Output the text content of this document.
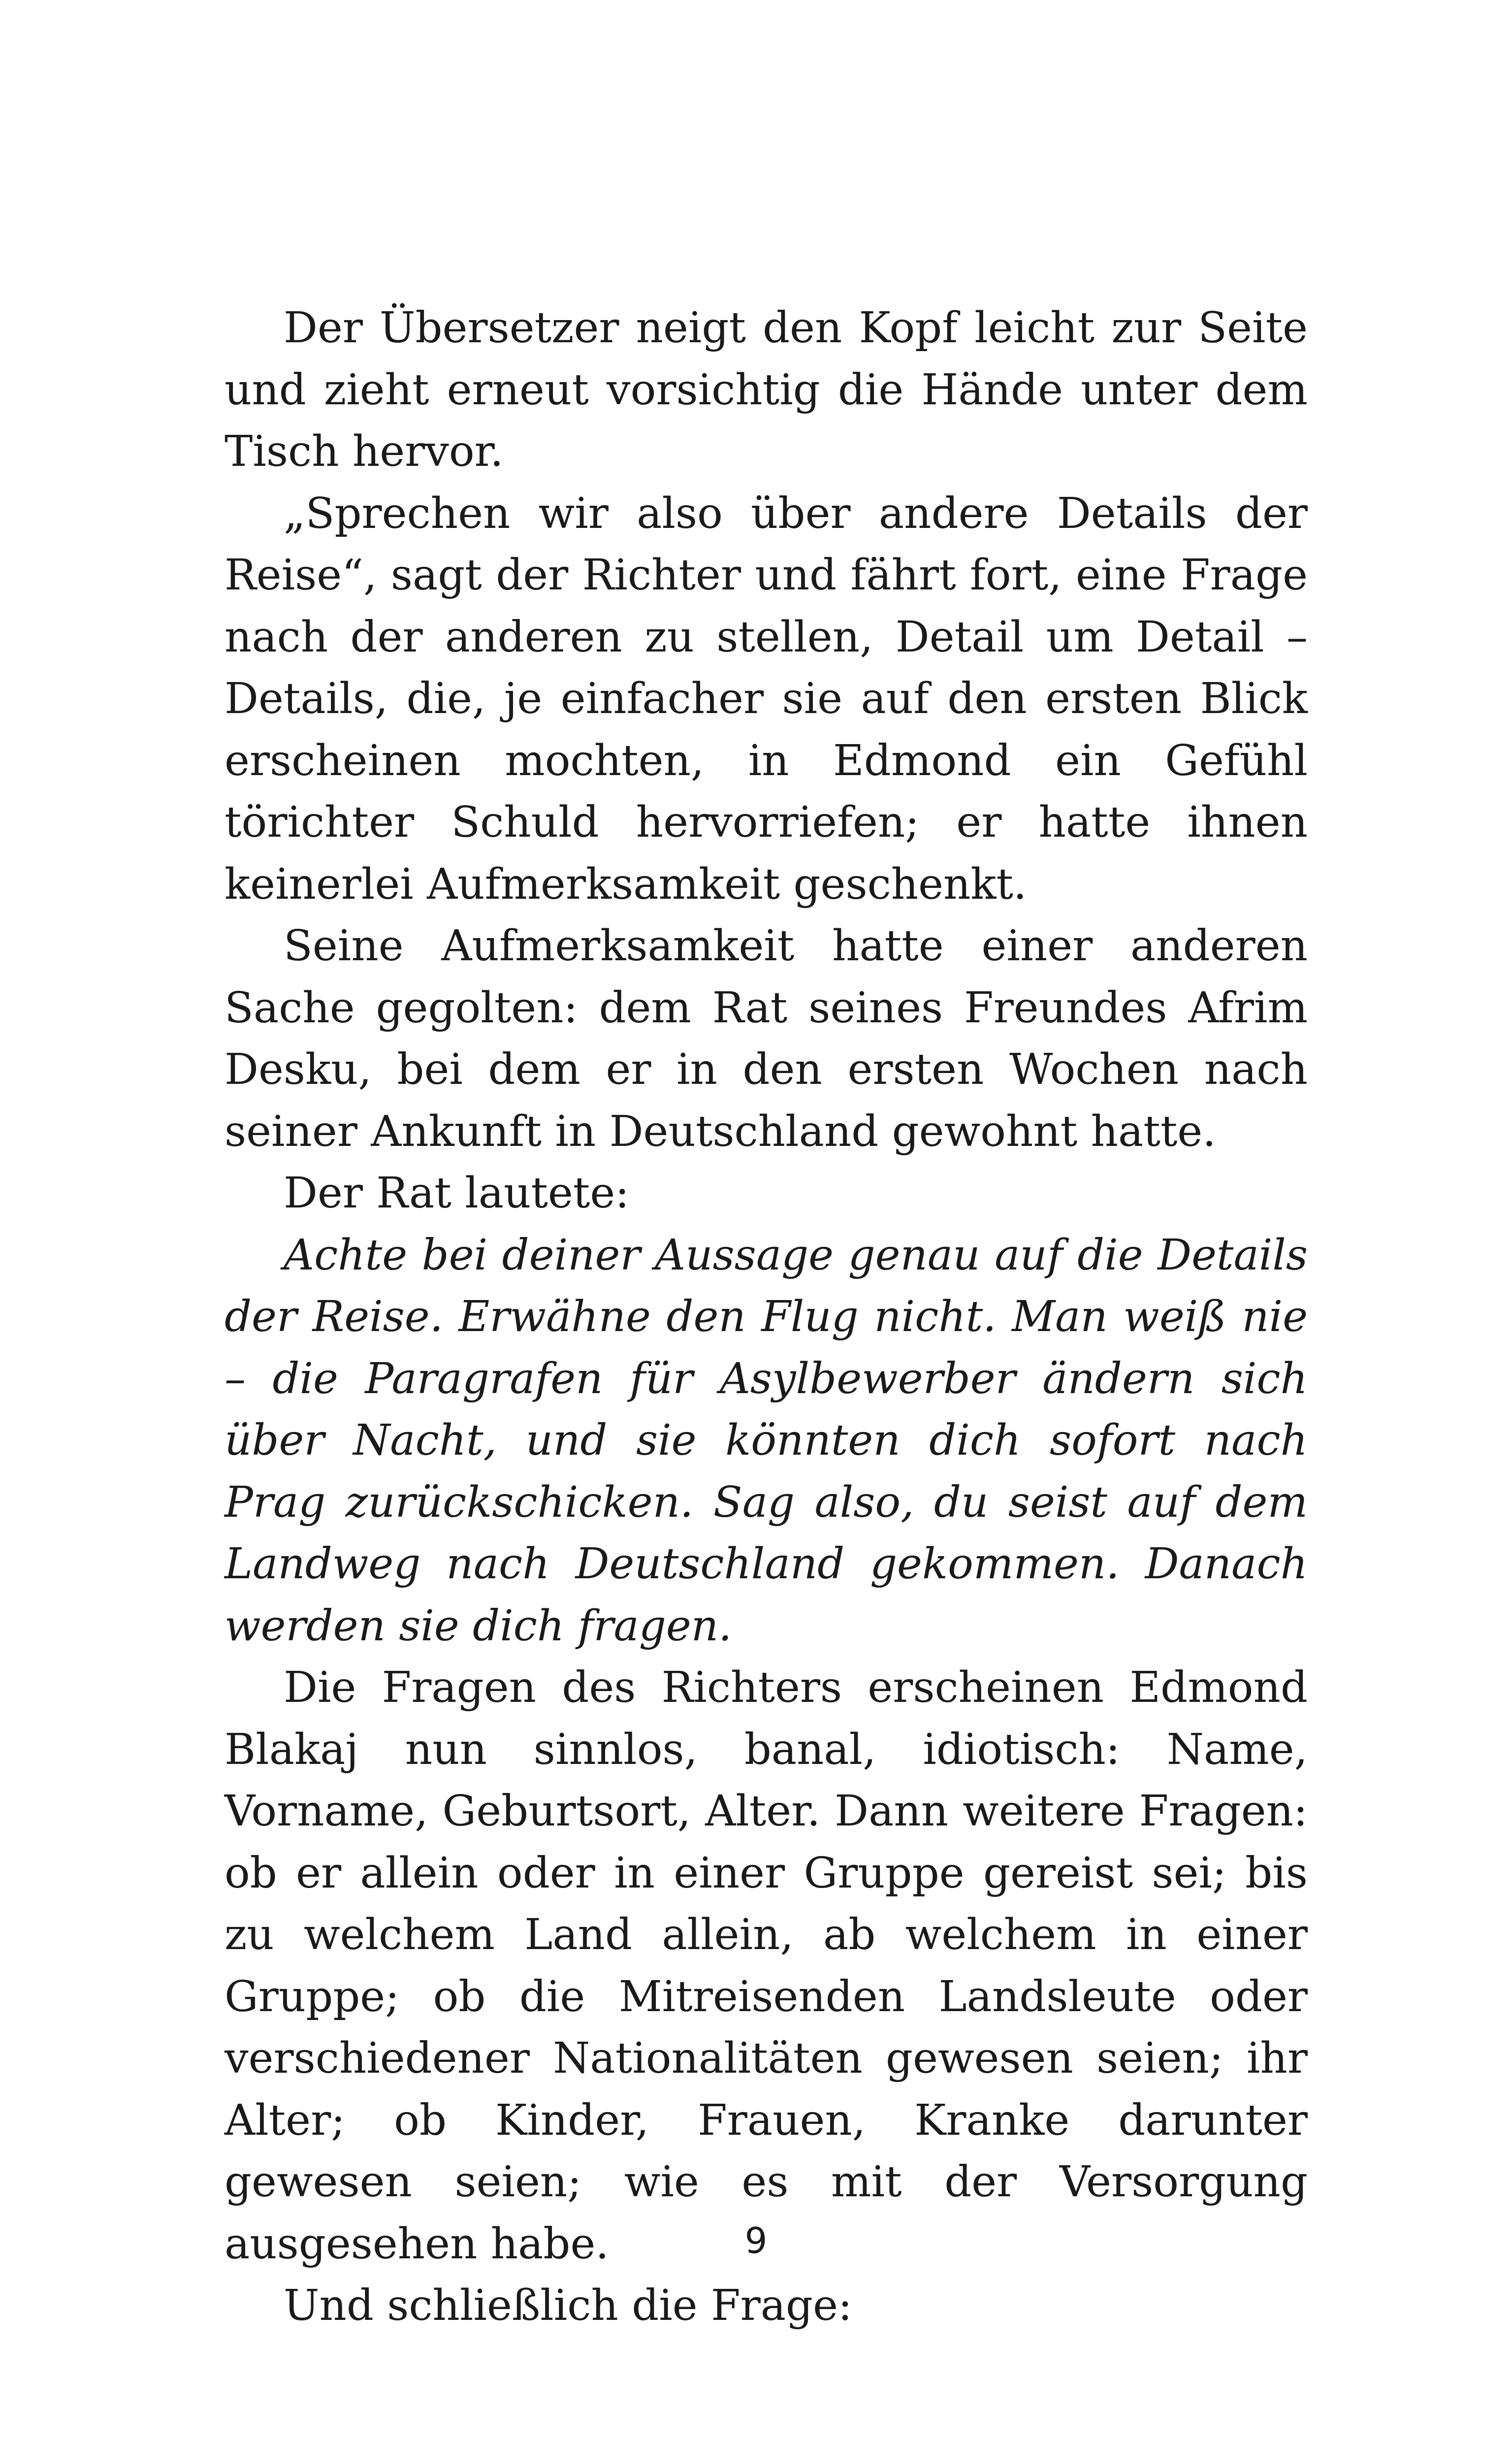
Der Übersetzer neigt den Kopf leicht zur Seite und zieht erneut vorsichtig die Hände unter dem Tisch hervor.

„Sprechen wir also über andere Details der Reise“, sagt der Richter und fährt fort, eine Frage nach der anderen zu stellen, Detail um Detail – Details, die, je einfacher sie auf den ersten Blick erscheinen mochten, in Edmond ein Gefühl törichter Schuld hervorriefen; er hatte ihnen keinerlei Aufmerksamkeit geschenkt.

Seine Aufmerksamkeit hatte einer anderen Sache gegolten: dem Rat seines Freundes Afrim Desku, bei dem er in den ersten Wochen nach seiner Ankunft in Deutschland gewohnt hatte.

Der Rat lautete:

Achte bei deiner Aussage genau auf die Details der Reise. Erwähne den Flug nicht. Man weiß nie – die Paragrafen für Asylbewerber ändern sich über Nacht, und sie könnten dich sofort nach Prag zurückschicken. Sag also, du seist auf dem Landweg nach Deutschland gekommen. Danach werden sie dich fragen.

Die Fragen des Richters erscheinen Edmond Blakaj nun sinnlos, banal, idiotisch: Name, Vorname, Geburtsort, Alter. Dann weitere Fragen: ob er allein oder in einer Gruppe gereist sei; bis zu welchem Land allein, ab welchem in einer Gruppe; ob die Mitreisenden Landsleute oder verschiedener Nationalitäten gewesen seien; ihr Alter; ob Kinder, Frauen, Kranke darunter gewesen seien; wie es mit der Versorgung ausgesehen habe.

Und schließlich die Frage:

9
